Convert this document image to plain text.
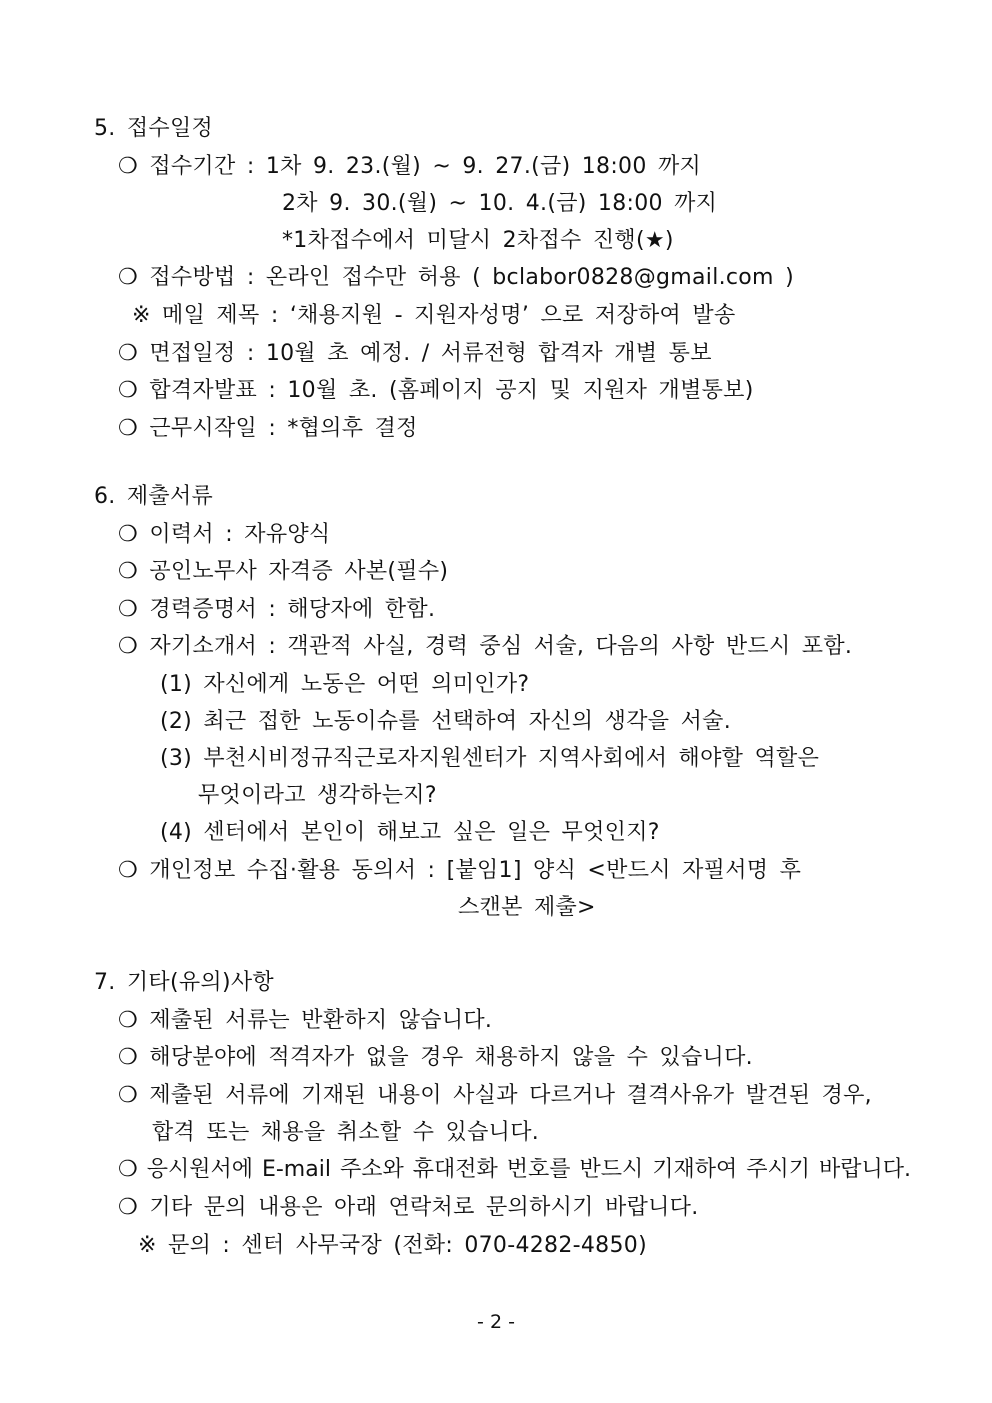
5. 접수일정
❍ 접수기간 : 1차 9. 23.(월) ~ 9. 27.(금) 18:00 까지
2차 9. 30.(월) ~ 10. 4.(금) 18:00 까지
*1차접수에서 미달시 2차접수 진행(★)
❍ 접수방법 : 온라인 접수만 허용 ( bclabor0828@gmail.com )
※ 메일 제목 : ‘채용지원 - 지원자성명’ 으로 저장하여 발송
❍ 면접일정 : 10월 초 예정. / 서류전형 합격자 개별 통보
❍ 합격자발표 : 10월 초. (홈페이지 공지 및 지원자 개별통보)
❍ 근무시작일 : *협의후 결정
6. 제출서류
❍ 이력서 : 자유양식
❍ 공인노무사 자격증 사본(필수)
❍ 경력증명서 : 해당자에 한함.
❍ 자기소개서 : 객관적 사실, 경력 중심 서술, 다음의 사항 반드시 포함.
(1) 자신에게 노동은 어떤 의미인가?
(2) 최근 접한 노동이슈를 선택하여 자신의 생각을 서술.
(3) 부천시비정규직근로자지원센터가 지역사회에서 해야할 역할은
무엇이라고 생각하는지?
(4) 센터에서 본인이 해보고 싶은 일은 무엇인지?
❍ 개인정보 수집·활용 동의서 : [붙임1] 양식 <반드시 자필서명 후
스캔본 제출>
7. 기타(유의)사항
❍ 제출된 서류는 반환하지 않습니다.
❍ 해당분야에 적격자가 없을 경우 채용하지 않을 수 있습니다.
❍ 제출된 서류에 기재된 내용이 사실과 다르거나 결격사유가 발견된 경우,
합격 또는 채용을 취소할 수 있습니다.
❍ 응시원서에 E-mail 주소와 휴대전화 번호를 반드시 기재하여 주시기 바랍니다.
❍ 기타 문의 내용은 아래 연락처로 문의하시기 바랍니다.
※ 문의 : 센터 사무국장 (전화: 070-4282-4850)
- 2 -
